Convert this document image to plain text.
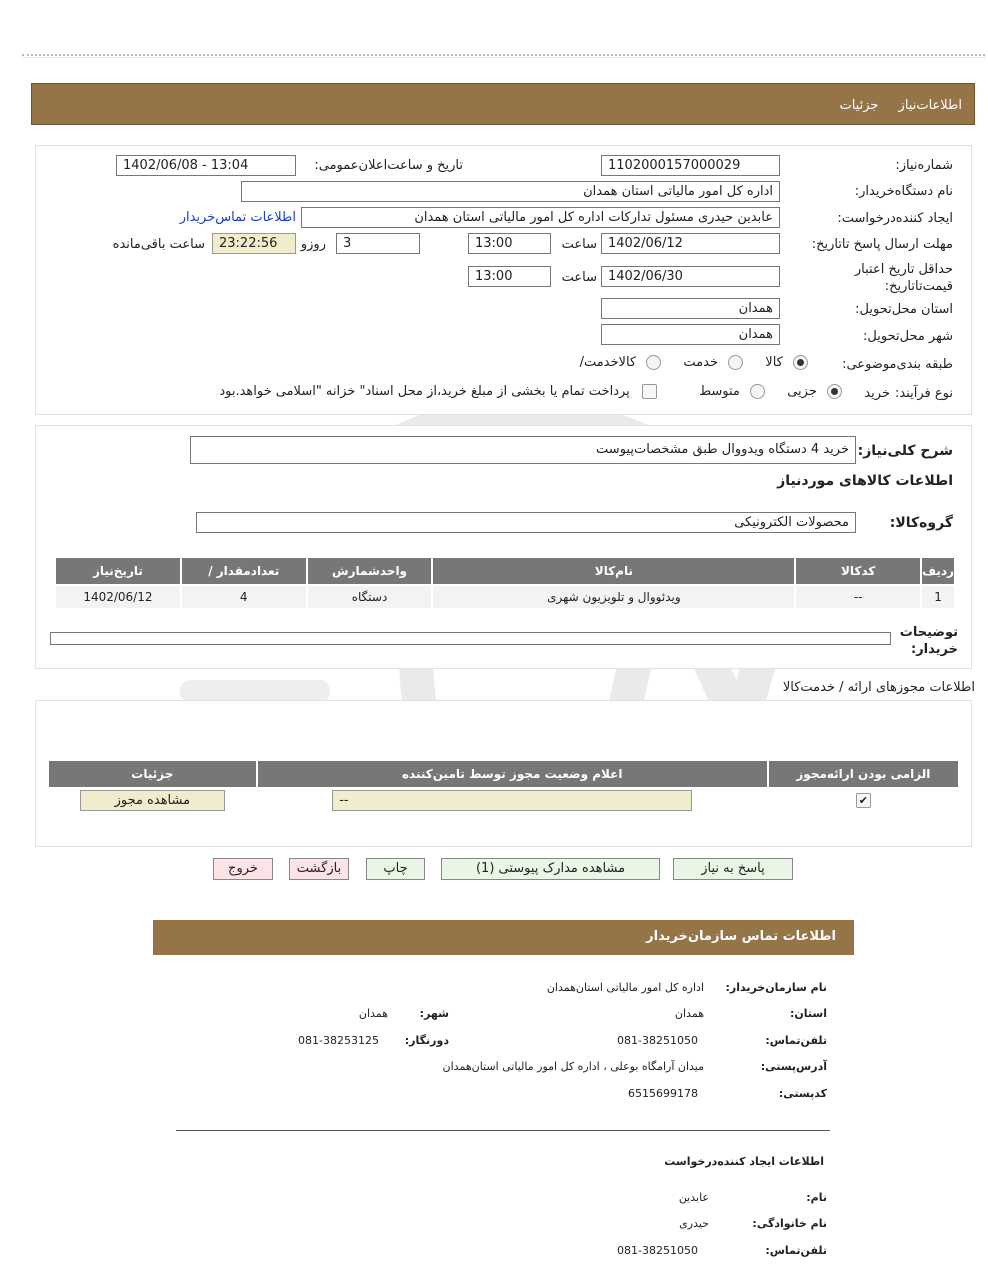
اطلاعات‌نیاز جزئیات
شماره‌نیاز:
1102000157000029
تاریخ و ساعت‌اعلان‌عمومی:
1402/06/08 - 13:04
نام دستگاه‌خریدار:
اداره کل امور مالیاتی استان همدان
ایجاد کننده‌درخواست:
عابدین حیدری مسئول تدارکات اداره کل امور مالیاتی استان همدان
اطلاعات تماس‌خریدار
مهلت ارسال پاسخ تا‌تاریخ:
1402/06/12
ساعت
13:00
3
روزو
23:22:56
ساعت باقی‌مانده
حداقل تاریخ اعتبار قیمت‌تا‌تاریخ:
1402/06/30
ساعت
13:00
استان محل‌تحویل:
همدان
شهر محل‌تحویل:
همدان
طبقه بندی‌موضوعی:
کالا  خدمت  کالا‌خدمت/
نوع فرآیند:
خرید
جزیی  متوسط  پرداخت تمام یا بخشی از مبلغ خرید،از محل اسناد" خزانه "اسلامی خواهد.بود
شرح کلی‌نیاز:
خرید 4 دستگاه ویدووال طبق مشخصات‌پیوست
اطلاعات کالاهای مورد‌نیاز
گروه‌کالا:
محصولات الکترونیکی
ردیف	کدکالا	نام‌کالا	واحدشمارش	تعداد‌مقدار /	تاریخ‌نیاز
1	--	ویدئووال و تلویزیون شهری	دستگاه	4	1402/06/12
توضیحات خریدار:
اطلاعات مجوزهای ارائه / خدمت‌کالا
الزامی بودن ارائه‌مجوز	اعلام وضعیت مجوز توسط تامین‌کننده	جزئیات
✔	--	مشاهده مجوز
پاسخ به نیاز
مشاهده مدارک پیوستی (1)
چاپ
بازگشت
خروج
اطلاعات تماس سازمان‌خریدار
نام سازمان‌خریدار:
اداره کل امور مالیاتی استان‌همدان
استان:
همدان
شهر:
همدان
تلفن‌تماس:
081-38251050
دورنگار:
081-38253125
آدرس‌پستی:
میدان آرامگاه بوعلی ، اداره کل امور مالیاتی استان‌همدان
کد‌پستی:
6515699178
اطلاعات ایجاد کننده‌درخواست
نام:
عابدین
نام خانوادگی:
حیدری
تلفن‌تماس:
081-38251050
